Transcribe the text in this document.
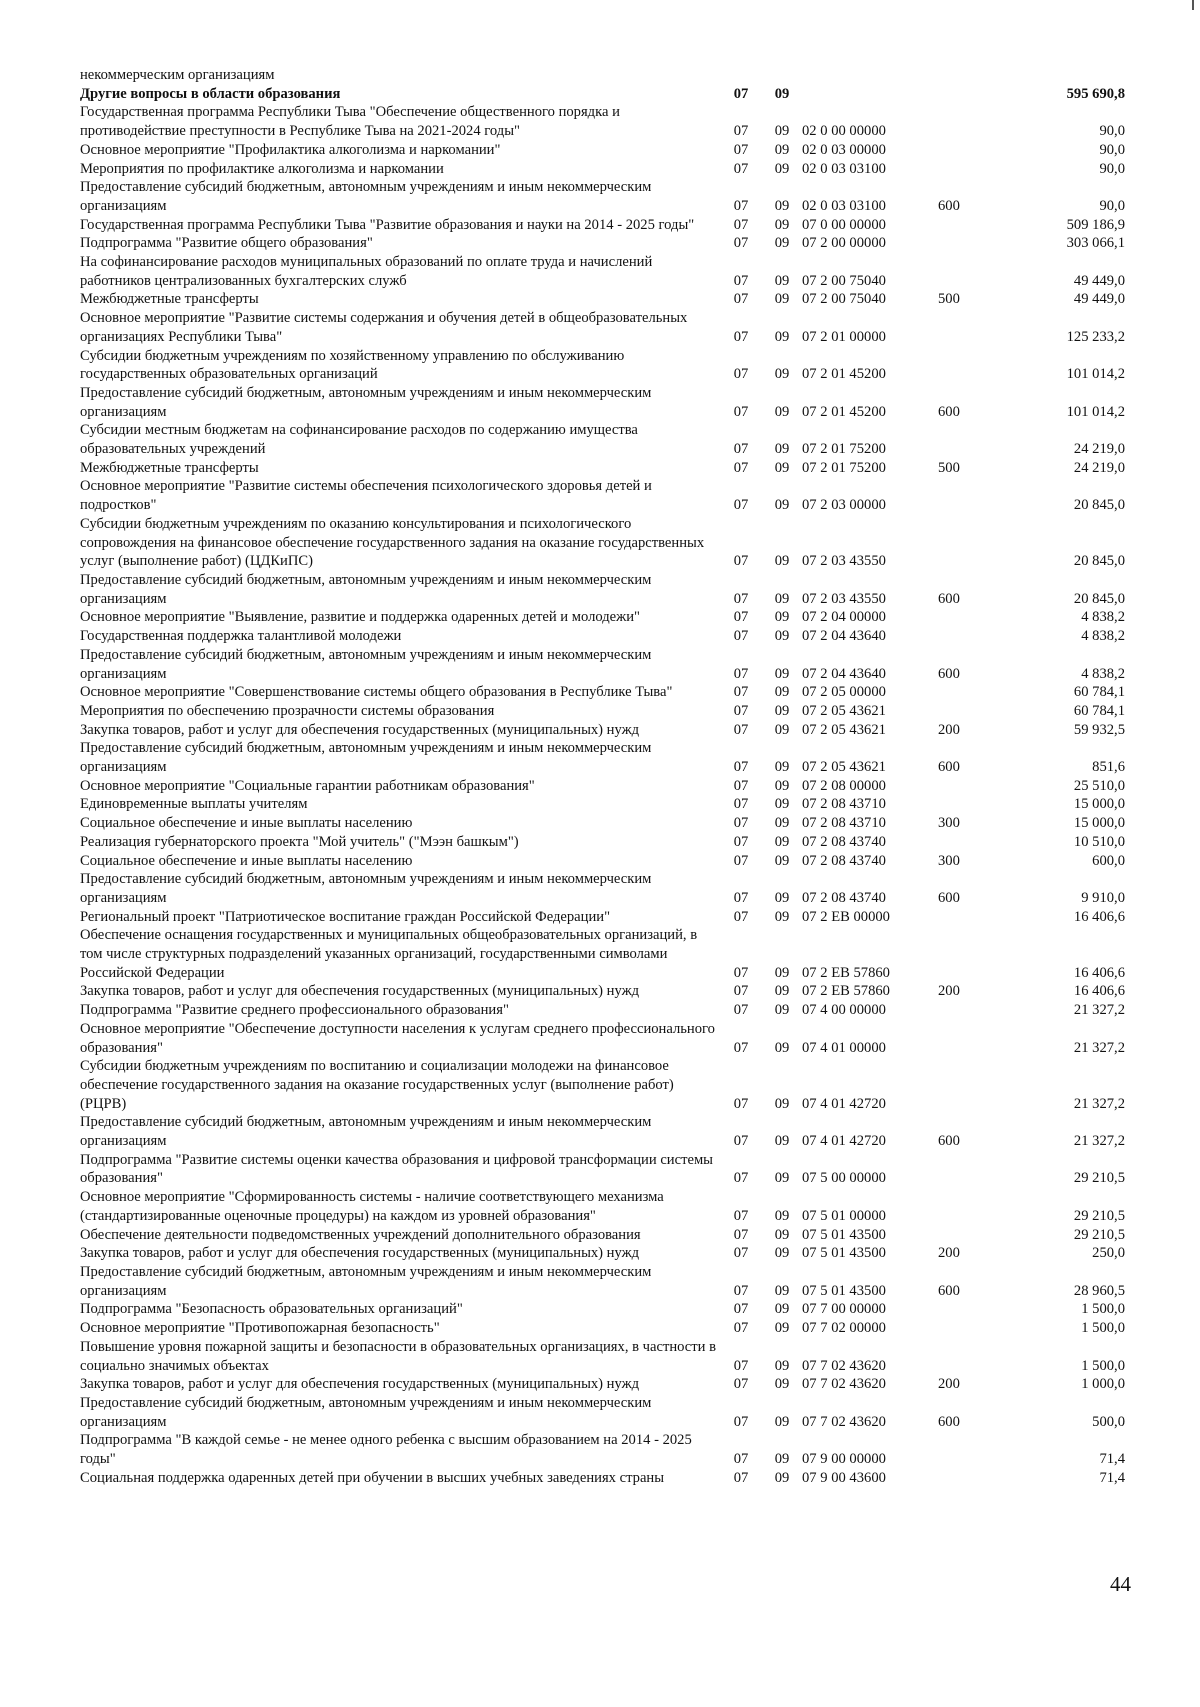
некоммерческим организациям					
Другие вопросы в области образования	07	09			595 690,8
Государственная программа Республики Тыва "Обеспечение общественного порядка и противодействие преступности в Республике Тыва на 2021-2024 годы"	07	09	02 0 00 00000		90,0
Основное мероприятие "Профилактика алкоголизма и наркомании"	07	09	02 0 03 00000		90,0
Мероприятия по профилактике алкоголизма и наркомании	07	09	02 0 03 03100		90,0
Предоставление субсидий бюджетным, автономным учреждениям и иным некоммерческим организациям	07	09	02 0 03 03100	600	90,0
Государственная программа Республики Тыва "Развитие образования и науки на 2014 - 2025 годы"	07	09	07 0 00 00000		509 186,9
Подпрограмма "Развитие общего образования"	07	09	07 2 00 00000		303 066,1
На софинансирование расходов муниципальных образований по оплате труда и начислений работников централизованных бухгалтерских служб	07	09	07 2 00 75040		49 449,0
Межбюджетные трансферты	07	09	07 2 00 75040	500	49 449,0
Основное мероприятие "Развитие системы содержания и обучения детей в общеобразовательных организациях Республики Тыва"	07	09	07 2 01 00000		125 233,2
Субсидии бюджетным учреждениям по хозяйственному управлению по обслуживанию государственных образовательных организаций	07	09	07 2 01 45200		101 014,2
Предоставление субсидий бюджетным, автономным учреждениям и иным некоммерческим организациям	07	09	07 2 01 45200	600	101 014,2
Субсидии местным бюджетам на софинансирование расходов по содержанию имущества образовательных учреждений	07	09	07 2 01 75200		24 219,0
Межбюджетные трансферты	07	09	07 2 01 75200	500	24 219,0
Основное мероприятие "Развитие системы обеспечения психологического здоровья детей и подростков"	07	09	07 2 03 00000		20 845,0
Субсидии бюджетным учреждениям по оказанию консультирования и психологического сопровождения на финансовое обеспечение государственного задания на оказание государственных услуг (выполнение работ) (ЦДКиПС)	07	09	07 2 03 43550		20 845,0
Предоставление субсидий бюджетным, автономным учреждениям и иным некоммерческим организациям	07	09	07 2 03 43550	600	20 845,0
Основное мероприятие "Выявление, развитие и поддержка одаренных детей и молодежи"	07	09	07 2 04 00000		4 838,2
Государственная поддержка талантливой молодежи	07	09	07 2 04 43640		4 838,2
Предоставление субсидий бюджетным, автономным учреждениям и иным некоммерческим организациям	07	09	07 2 04 43640	600	4 838,2
Основное мероприятие "Совершенствование системы общего образования в Республике Тыва"	07	09	07 2 05 00000		60 784,1
Мероприятия по обеспечению прозрачности системы образования	07	09	07 2 05 43621		60 784,1
Закупка товаров, работ и услуг для обеспечения государственных (муниципальных) нужд	07	09	07 2 05 43621	200	59 932,5
Предоставление субсидий бюджетным, автономным учреждениям и иным некоммерческим организациям	07	09	07 2 05 43621	600	851,6
Основное мероприятие "Социальные гарантии работникам образования"	07	09	07 2 08 00000		25 510,0
Единовременные выплаты учителям	07	09	07 2 08 43710		15 000,0
Социальное обеспечение и иные выплаты населению	07	09	07 2 08 43710	300	15 000,0
Реализация губернаторского проекта "Мой учитель" ("Мээн башкым")	07	09	07 2 08 43740		10 510,0
Социальное обеспечение и иные выплаты населению	07	09	07 2 08 43740	300	600,0
Предоставление субсидий бюджетным, автономным учреждениям и иным некоммерческим организациям	07	09	07 2 08 43740	600	9 910,0
Региональный проект "Патриотическое воспитание граждан Российской Федерации"	07	09	07 2 EB 00000		16 406,6
Обеспечение оснащения государственных и муниципальных общеобразовательных организаций, в том числе структурных подразделений указанных организаций, государственными символами Российской Федерации	07	09	07 2 EB 57860		16 406,6
Закупка товаров, работ и услуг для обеспечения государственных (муниципальных) нужд	07	09	07 2 EB 57860	200	16 406,6
Подпрограмма "Развитие среднего профессионального образования"	07	09	07 4 00 00000		21 327,2
Основное мероприятие "Обеспечение доступности населения к услугам среднего профессионального образования"	07	09	07 4 01 00000		21 327,2
Субсидии бюджетным учреждениям по воспитанию и социализации молодежи на финансовое обеспечение государственного задания на оказание государственных услуг (выполнение работ) (РЦРВ)	07	09	07 4 01 42720		21 327,2
Предоставление субсидий бюджетным, автономным учреждениям и иным некоммерческим организациям	07	09	07 4 01 42720	600	21 327,2
Подпрограмма "Развитие системы оценки качества образования и цифровой трансформации системы образования"	07	09	07 5 00 00000		29 210,5
Основное мероприятие "Сформированность системы - наличие соответствующего механизма (стандартизированные оценочные процедуры) на каждом из уровней образования"	07	09	07 5 01 00000		29 210,5
Обеспечение деятельности подведомственных учреждений дополнительного образования	07	09	07 5 01 43500		29 210,5
Закупка товаров, работ и услуг для обеспечения государственных (муниципальных) нужд	07	09	07 5 01 43500	200	250,0
Предоставление субсидий бюджетным, автономным учреждениям и иным некоммерческим организациям	07	09	07 5 01 43500	600	28 960,5
Подпрограмма "Безопасность образовательных организаций"	07	09	07 7 00 00000		1 500,0
Основное мероприятие "Противопожарная безопасность"	07	09	07 7 02 00000		1 500,0
Повышение уровня пожарной защиты и безопасности в образовательных организациях, в частности в социально значимых объектах	07	09	07 7 02 43620		1 500,0
Закупка товаров, работ и услуг для обеспечения государственных (муниципальных) нужд	07	09	07 7 02 43620	200	1 000,0
Предоставление субсидий бюджетным, автономным учреждениям и иным некоммерческим организациям	07	09	07 7 02 43620	600	500,0
Подпрограмма "В каждой семье - не менее одного ребенка с высшим образованием на 2014 - 2025 годы"	07	09	07 9 00 00000		71,4
Социальная поддержка одаренных детей при обучении в высших учебных заведениях страны	07	09	07 9 00 43600		71,4
44
